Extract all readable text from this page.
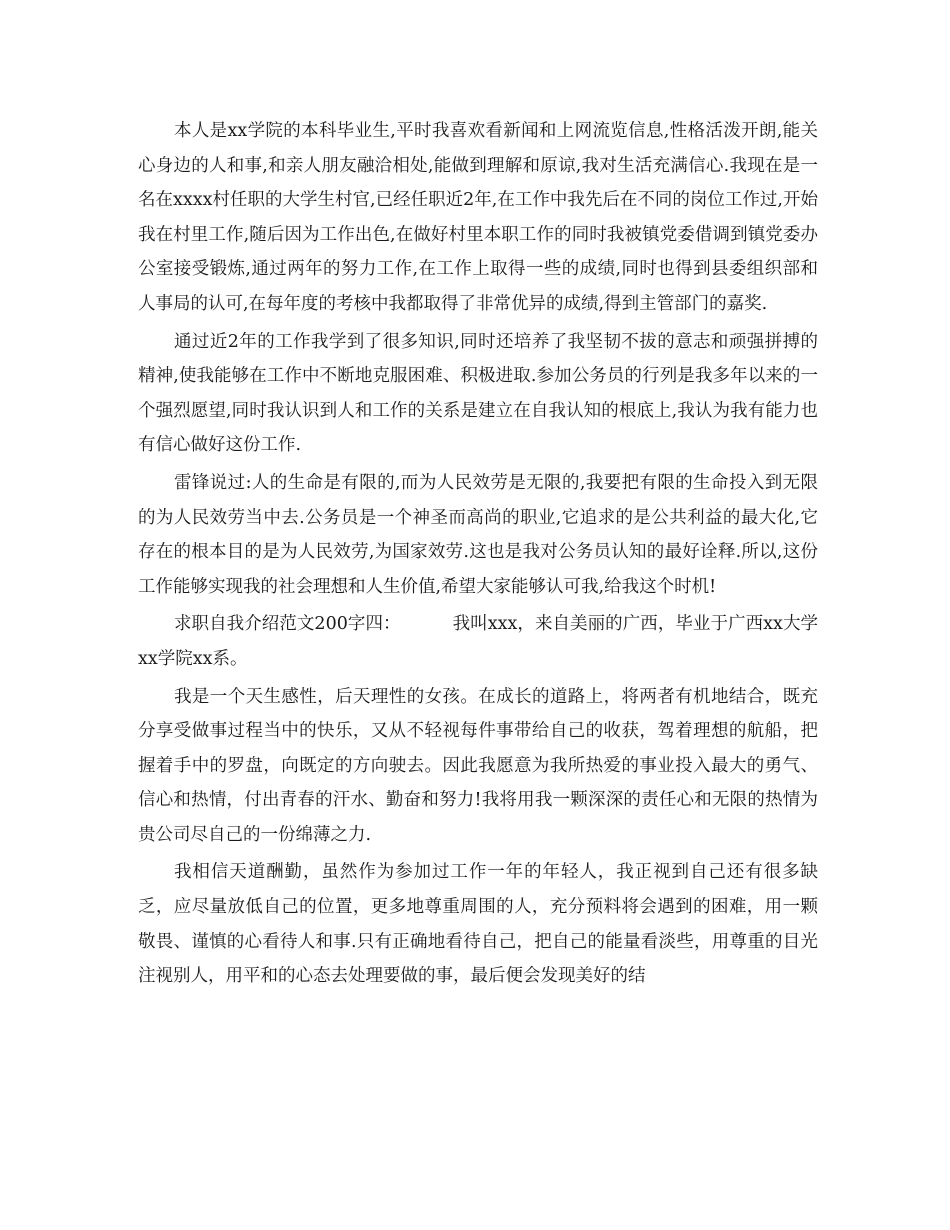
本人是xx学院的本科毕业生,平时我喜欢看新闻和上网流览信息,性格活泼开朗,能关心身边的人和事,和亲人朋友融洽相处,能做到理解和原谅,我对生活充满信心.我现在是一名在xxxx村任职的大学生村官,已经任职近2年,在工作中我先后在不同的岗位工作过,开始我在村里工作,随后因为工作出色,在做好村里本职工作的同时我被镇党委借调到镇党委办公室接受锻炼,通过两年的努力工作,在工作上取得一些的成绩,同时也得到县委组织部和人事局的认可,在每年度的考核中我都取得了非常优异的成绩,得到主管部门的嘉奖.

通过近2年的工作我学到了很多知识,同时还培养了我坚韧不拔的意志和顽强拼搏的精神,使我能够在工作中不断地克服困难、积极进取.参加公务员的行列是我多年以来的一个强烈愿望,同时我认识到人和工作的关系是建立在自我认知的根底上,我认为我有能力也有信心做好这份工作.

雷锋说过:人的生命是有限的,而为人民效劳是无限的,我要把有限的生命投入到无限的为人民效劳当中去.公务员是一个神圣而高尚的职业,它追求的是公共利益的最大化,它存在的根本目的是为人民效劳,为国家效劳.这也是我对公务员认知的最好诠释.所以,这份工作能够实现我的社会理想和人生价值,希望大家能够认可我,给我这个时机!

求职自我介绍范文200字四：	我叫xxx，来自美丽的广西，毕业于广西xx大学xx学院xx系。

我是一个天生感性，后天理性的女孩。在成长的道路上，将两者有机地结合，既充分享受做事过程当中的快乐，又从不轻视每件事带给自己的收获，驾着理想的航船，把握着手中的罗盘，向既定的方向驶去。因此我愿意为我所热爱的事业投入最大的勇气、信心和热情，付出青春的汗水、勤奋和努力!我将用我一颗深深的责任心和无限的热情为贵公司尽自己的一份绵薄之力.

我相信天道酬勤，虽然作为参加过工作一年的年轻人，我正视到自己还有很多缺乏，应尽量放低自己的位置，更多地尊重周围的人，充分预料将会遇到的困难，用一颗敬畏、谨慎的心看待人和事.只有正确地看待自己，把自己的能量看淡些，用尊重的目光注视别人，用平和的心态去处理要做的事，最后便会发现美好的结
